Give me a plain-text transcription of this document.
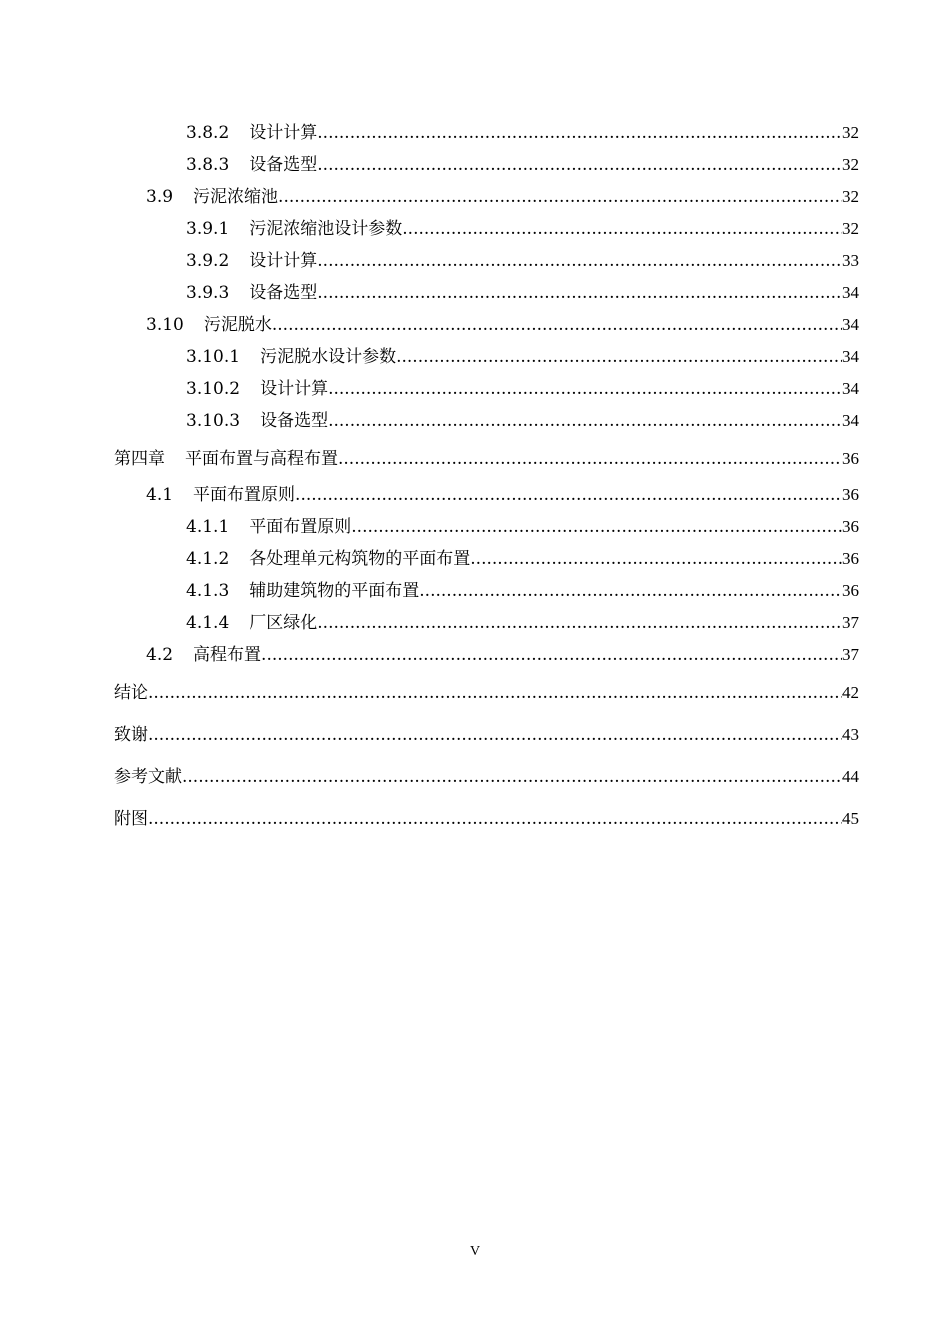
3.8.2 设计计算 .....	32
3.8.3 设备选型 .....	32
3.9 污泥浓缩池 .....	32
3.9.1 污泥浓缩池设计参数 .....	32
3.9.2 设计计算 .....	33
3.9.3 设备选型 .....	34
3.10 污泥脱水 .....	34
3.10.1 污泥脱水设计参数 .....	34
3.10.2 设计计算 .....	34
3.10.3 设备选型 .....	34
第四章 平面布置与高程布置 .....	36
4.1 平面布置原则 .....	36
4.1.1 平面布置原则 .....	36
4.1.2 各处理单元构筑物的平面布置 .....	36
4.1.3 辅助建筑物的平面布置 .....	36
4.1.4 厂区绿化 .....	37
4.2 高程布置 .....	37
结论 .....	42
致谢 .....	43
参考文献 .....	44
附图 .....	45
V
